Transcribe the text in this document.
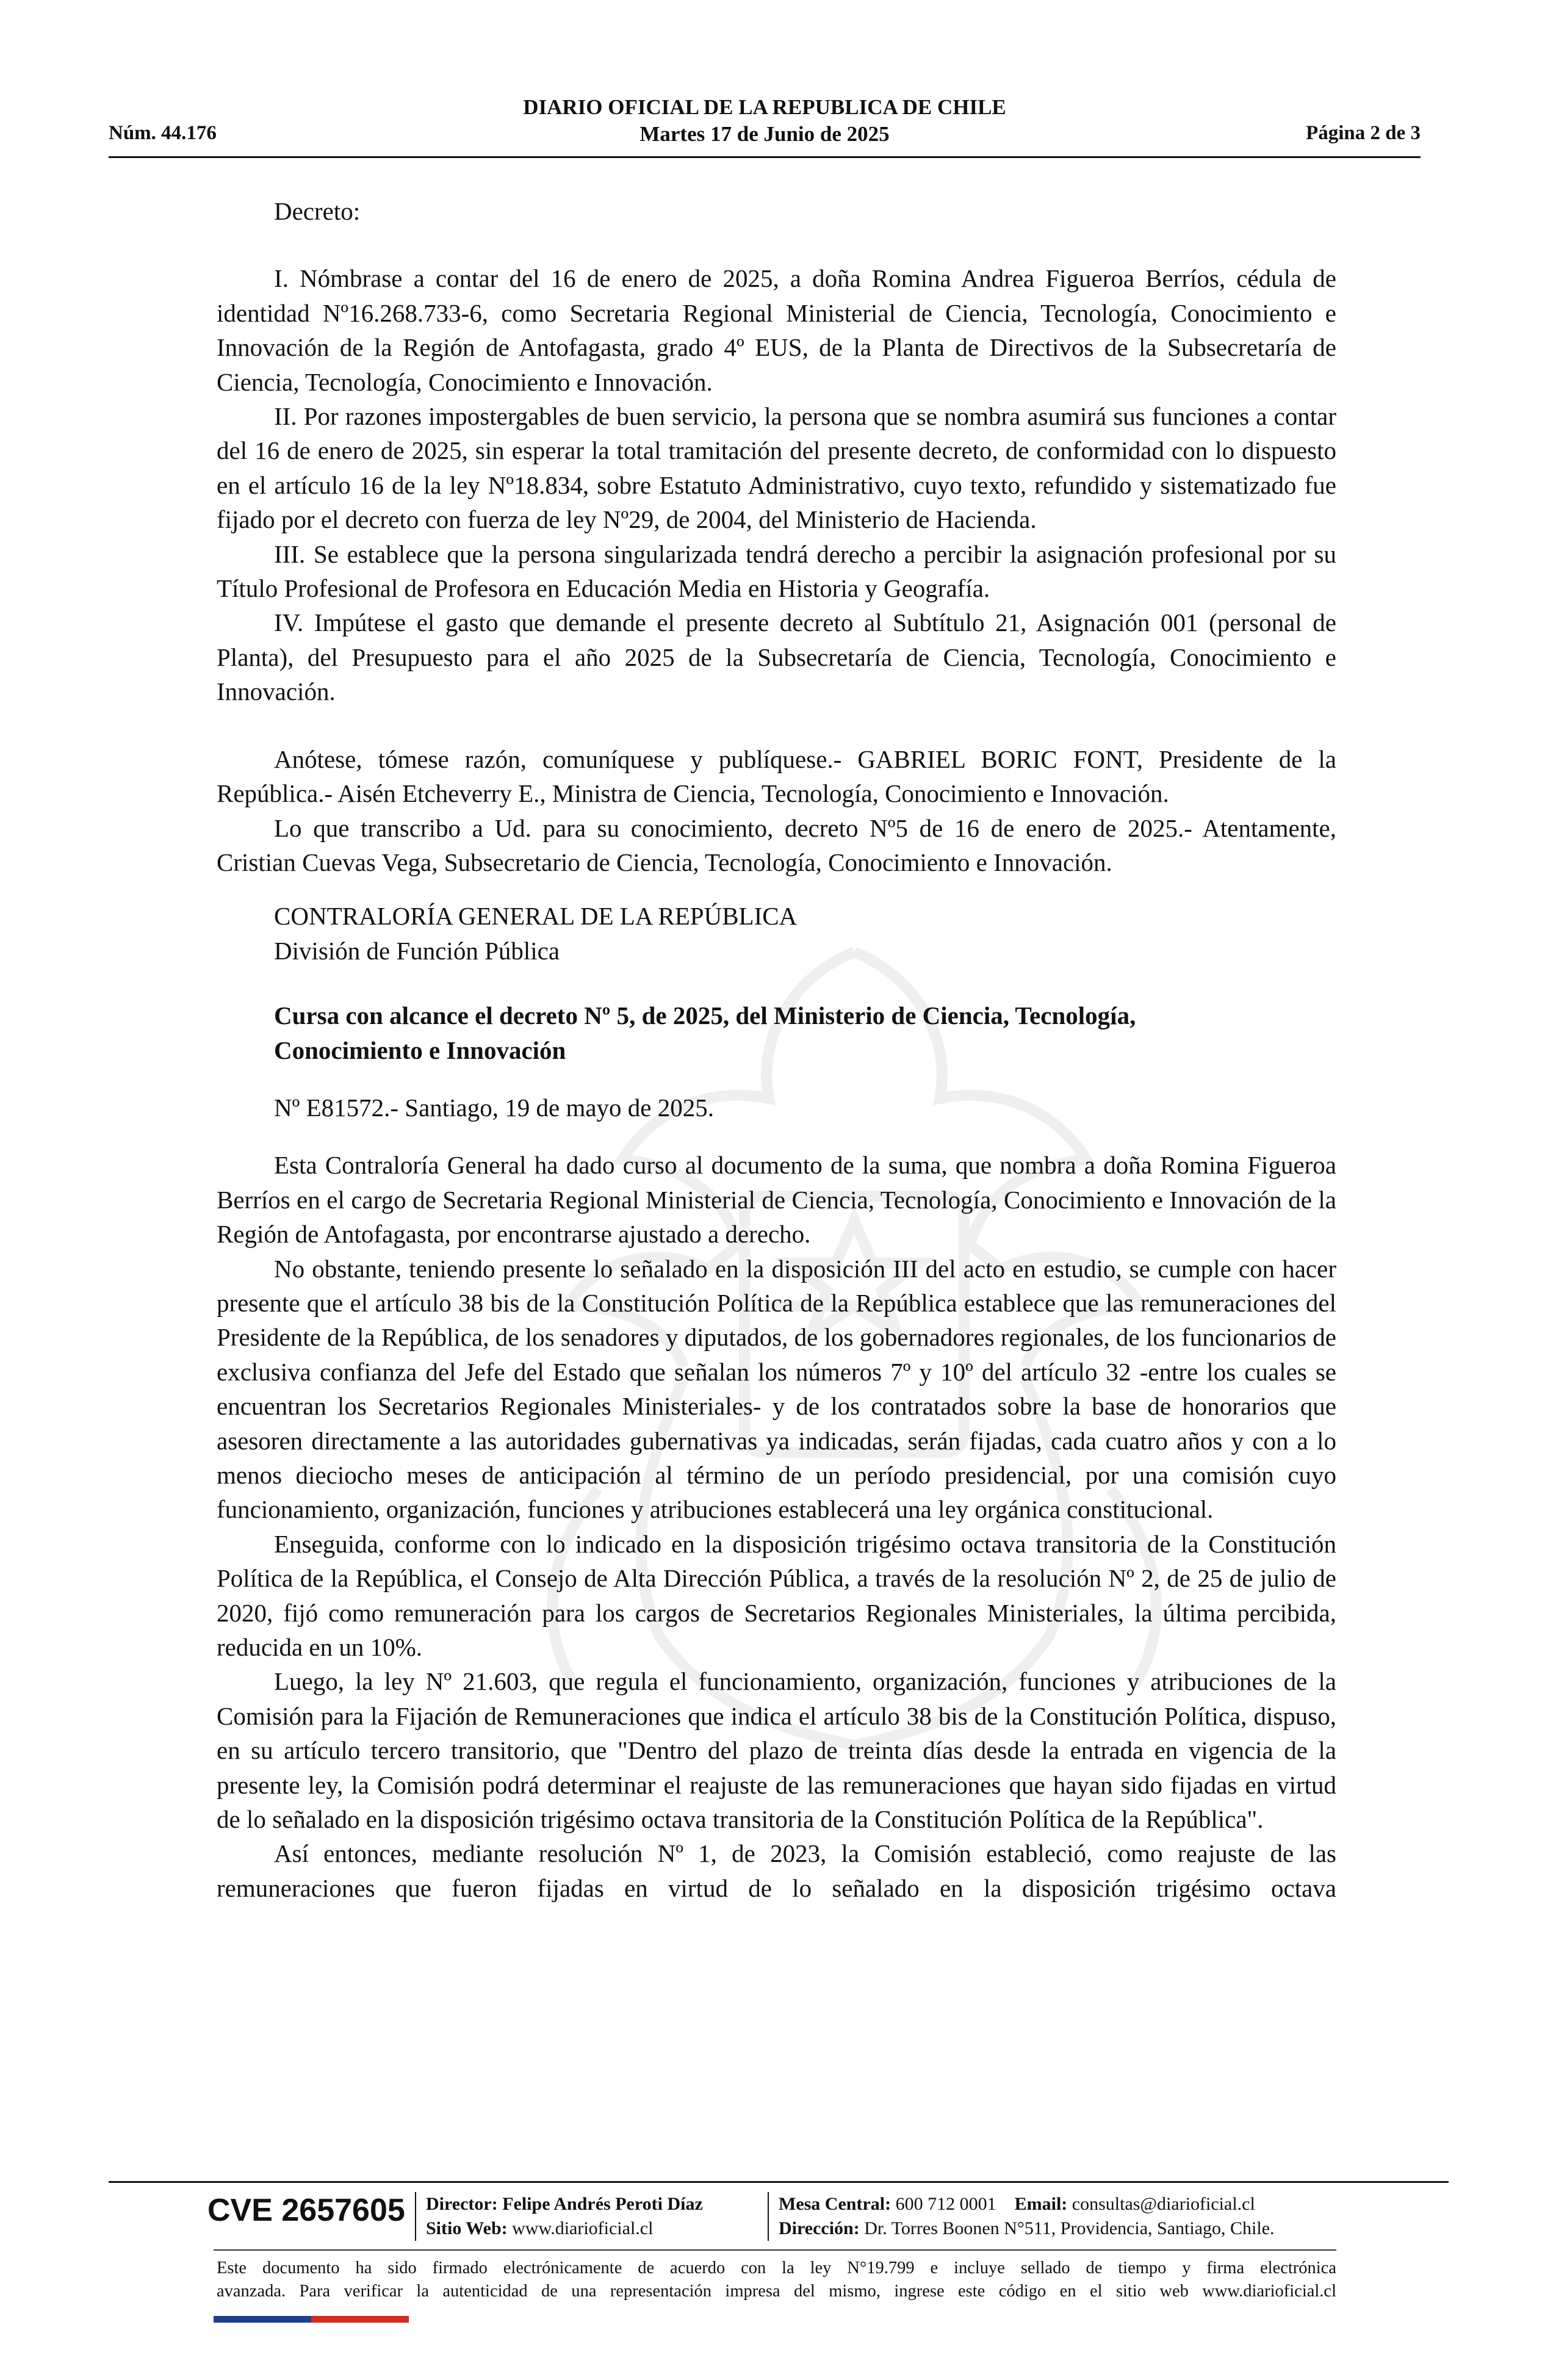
DIARIO OFICIAL DE LA REPUBLICA DE CHILE
Núm. 44.176	Martes 17 de Junio de 2025	Página 2 de 3

Decreto:

I. Nómbrase a contar del 16 de enero de 2025, a doña Romina Andrea Figueroa Berríos, cédula de identidad Nº16.268.733-6, como Secretaria Regional Ministerial de Ciencia, Tecnología, Conocimiento e Innovación de la Región de Antofagasta, grado 4º EUS, de la Planta de Directivos de la Subsecretaría de Ciencia, Tecnología, Conocimiento e Innovación.

II. Por razones impostergables de buen servicio, la persona que se nombra asumirá sus funciones a contar del 16 de enero de 2025, sin esperar la total tramitación del presente decreto, de conformidad con lo dispuesto en el artículo 16 de la ley Nº18.834, sobre Estatuto Administrativo, cuyo texto, refundido y sistematizado fue fijado por el decreto con fuerza de ley Nº29, de 2004, del Ministerio de Hacienda.

III. Se establece que la persona singularizada tendrá derecho a percibir la asignación profesional por su Título Profesional de Profesora en Educación Media en Historia y Geografía.

IV. Impútese el gasto que demande el presente decreto al Subtítulo 21, Asignación 001 (personal de Planta), del Presupuesto para el año 2025 de la Subsecretaría de Ciencia, Tecnología, Conocimiento e Innovación.

Anótese, tómese razón, comuníquese y publíquese.- GABRIEL BORIC FONT, Presidente de la República.- Aisén Etcheverry E., Ministra de Ciencia, Tecnología, Conocimiento e Innovación.

Lo que transcribo a Ud. para su conocimiento, decreto Nº5 de 16 de enero de 2025.- Atentamente, Cristian Cuevas Vega, Subsecretario de Ciencia, Tecnología, Conocimiento e Innovación.

CONTRALORÍA GENERAL DE LA REPÚBLICA

División de Función Pública

Cursa con alcance el decreto Nº 5, de 2025, del Ministerio de Ciencia, Tecnología,

Conocimiento e Innovación

Nº E81572.- Santiago, 19 de mayo de 2025.

Esta Contraloría General ha dado curso al documento de la suma, que nombra a doña Romina Figueroa Berríos en el cargo de Secretaria Regional Ministerial de Ciencia, Tecnología, Conocimiento e Innovación de la Región de Antofagasta, por encontrarse ajustado a derecho.

No obstante, teniendo presente lo señalado en la disposición III del acto en estudio, se cumple con hacer presente que el artículo 38 bis de la Constitución Política de la República establece que las remuneraciones del Presidente de la República, de los senadores y diputados, de los gobernadores regionales, de los funcionarios de exclusiva confianza del Jefe del Estado que señalan los números 7º y 10º del artículo 32 -entre los cuales se encuentran los Secretarios Regionales Ministeriales- y de los contratados sobre la base de honorarios que asesoren directamente a las autoridades gubernativas ya indicadas, serán fijadas, cada cuatro años y con a lo menos dieciocho meses de anticipación al término de un período presidencial, por una comisión cuyo funcionamiento, organización, funciones y atribuciones establecerá una ley orgánica constitucional.

Enseguida, conforme con lo indicado en la disposición trigésimo octava transitoria de la Constitución Política de la República, el Consejo de Alta Dirección Pública, a través de la resolución Nº 2, de 25 de julio de 2020, fijó como remuneración para los cargos de Secretarios Regionales Ministeriales, la última percibida, reducida en un 10%.

Luego, la ley Nº 21.603, que regula el funcionamiento, organización, funciones y atribuciones de la Comisión para la Fijación de Remuneraciones que indica el artículo 38 bis de la Constitución Política, dispuso, en su artículo tercero transitorio, que "Dentro del plazo de treinta días desde la entrada en vigencia de la presente ley, la Comisión podrá determinar el reajuste de las remuneraciones que hayan sido fijadas en virtud de lo señalado en la disposición trigésimo octava transitoria de la Constitución Política de la República".

Así entonces, mediante resolución Nº 1, de 2023, la Comisión estableció, como reajuste de las remuneraciones que fueron fijadas en virtud de lo señalado en la disposición trigésimo octava

CVE 2657605 Director: Felipe Andrés Peroti Díaz
Sitio Web: www.diarioficial.cl
Mesa Central: 600 712 0001 Email: consultas@diarioficial.cl
Dirección: Dr. Torres Boonen N°511, Providencia, Santiago, Chile.
Este documento ha sido firmado electrónicamente de acuerdo con la ley N°19.799 e incluye sellado de tiempo y firma electrónica
avanzada. Para verificar la autenticidad de una representación impresa del mismo, ingrese este código en el sitio web www.diarioficial.cl
